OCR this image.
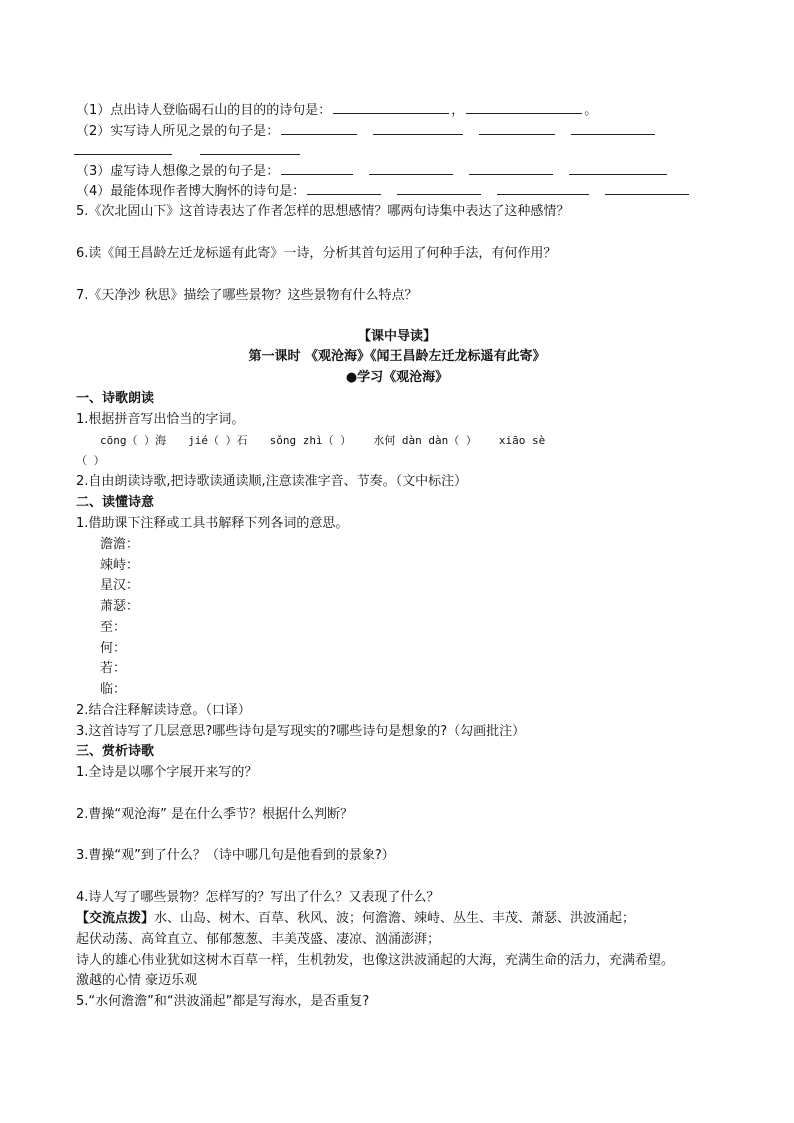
（1）点出诗人登临碣石山的目的的诗句是：	，	。
（2）实写诗人所见之景的句子是：
（3）虚写诗人想像之景的句子是：
（4）最能体现作者博大胸怀的诗句是：
5.《次北固山下》这首诗表达了作者怎样的思想感情？哪两句诗集中表达了这种感情？
6.读《闻王昌龄左迁龙标遥有此寄》一诗，分析其首句运用了何种手法，有何作用？
7.《天净沙 秋思》描绘了哪些景物？这些景物有什么特点？
【课中导读】
第一课时 《观沧海》《闻王昌龄左迁龙标遥有此寄》
●学习《观沧海》
一、诗歌朗读
1.根据拼音写出恰当的字词。
cōng（ ）海 jié（ ）石 sǒng zhì（ ） 水何 dàn dàn（ ） xiāo sè
（ ）
2.自由朗读诗歌,把诗歌读通读顺,注意读准字音、节奏。（文中标注）
二、读懂诗意
1.借助课下注释或工具书解释下列各词的意思。
澹澹：
竦峙：
星汉：
萧瑟：
至：
何：
若：
临：
2.结合注释解读诗意。（口译）
3.这首诗写了几层意思?哪些诗句是写现实的?哪些诗句是想象的?（勾画批注）
三、赏析诗歌
1.全诗是以哪个字展开来写的？
2.曹操“观沧海” 是在什么季节？根据什么判断？
3.曹操“观”到了什么？（诗中哪几句是他看到的景象?）
4.诗人写了哪些景物？怎样写的？写出了什么？又表现了什么？
【交流点拨】水、山岛、树木、百草、秋风、波；何澹澹、竦峙、丛生、丰茂、萧瑟、洪波涌起；
起伏动荡、高耸直立、郁郁葱葱、丰美茂盛、凄凉、汹涌澎湃；
诗人的雄心伟业犹如这树木百草一样，生机勃发，也像这洪波涌起的大海，充满生命的活力，充满希望。
激越的心情 豪迈乐观
5.“水何澹澹”和“洪波涌起”都是写海水，是否重复?
